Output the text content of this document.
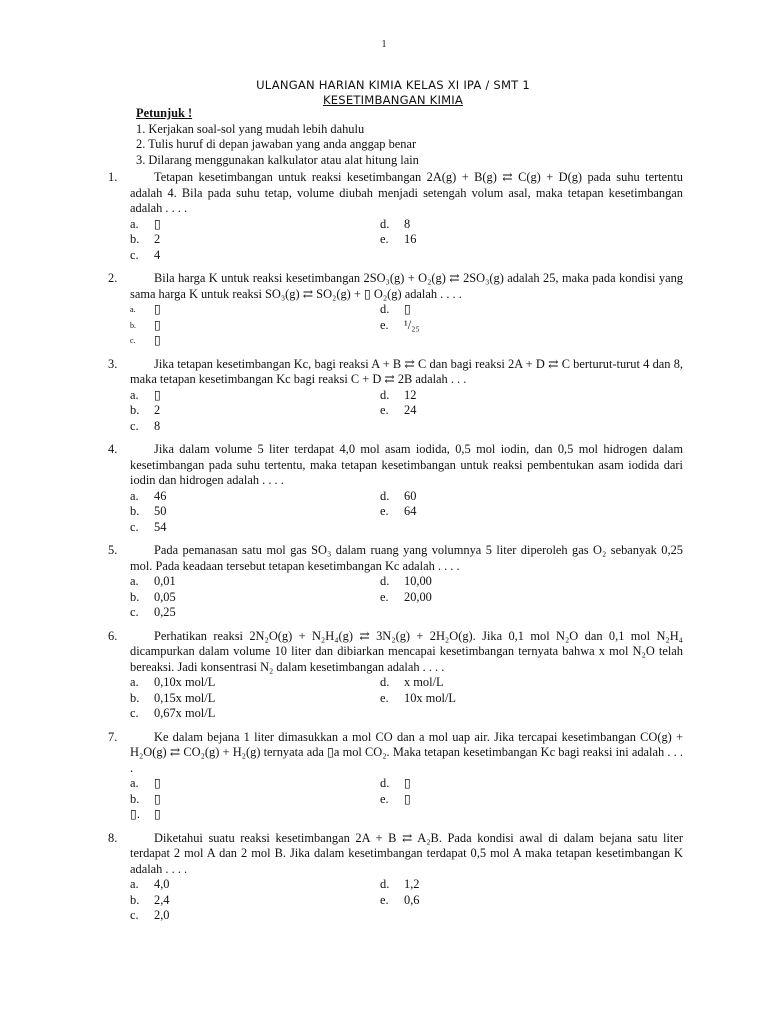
1
ULANGAN HARIAN KIMIA KELAS XI IPA / SMT 1
KESETIMBANGAN KIMIA
Petunjuk !
1. Kerjakan soal-sol yang mudah lebih dahulu
2. Tulis huruf di depan jawaban yang anda anggap benar
3. Dilarang menggunakan kalkulator atau alat hitung lain
1.	Tetapan kesetimbangan untuk reaksi kesetimbangan 2A(g) + B(g) ⇄ C(g) + D(g) pada suhu tertentu adalah 4. Bila pada suhu tetap, volume diubah menjadi setengah volum asal, maka tetapan kesetimbangan adalah . . . .
a.	▯	d.	8
b.	2	e.	16
c.	4
2.	Bila harga K untuk reaksi kesetimbangan 2SO₃(g) + O₂(g) ⇄ 2SO₃(g) adalah 25, maka pada kondisi yang sama harga K untuk reaksi SO₃(g) ⇄ SO₂(g) + ▯ O₂(g) adalah . . . .
a.	▯	d.	▯
b.	▯	e.	¹/₂₅
c.	▯
3.	Jika tetapan kesetimbangan Kc, bagi reaksi A + B ⇄ C dan bagi reaksi 2A + D ⇄ C berturut-turut 4 dan 8, maka tetapan kesetimbangan Kc bagi reaksi C + D ⇄ 2B adalah . . .
a.	▯	d.	12
b.	2	e.	24
c.	8
4.	Jika dalam volume 5 liter terdapat 4,0 mol asam iodida, 0,5 mol iodin, dan 0,5 mol hidrogen dalam kesetimbangan pada suhu tertentu, maka tetapan kesetimbangan untuk reaksi pembentukan asam iodida dari iodin dan hidrogen adalah . . . .
a.	46	d.	60
b.	50	e.	64
c.	54
5.	Pada pemanasan satu mol gas SO₃ dalam ruang yang volumnya 5 liter diperoleh gas O₂ sebanyak 0,25 mol. Pada keadaan tersebut tetapan kesetimbangan Kc adalah . . . .
a.	0,01	d.	10,00
b.	0,05	e.	20,00
c.	0,25
6.	Perhatikan reaksi 2N₂O(g) + N₂H₄(g) ⇄ 3N₂(g) + 2H₂O(g). Jika 0,1 mol N₂O dan 0,1 mol N₂H₄ dicampurkan dalam volume 10 liter dan dibiarkan mencapai kesetimbangan ternyata bahwa x mol N₂O telah bereaksi. Jadi konsentrasi N₂ dalam kesetimbangan adalah . . . .
a.	0,10x mol/L	d.	x mol/L
b.	0,15x mol/L	e.	10x mol/L
c.	0,67x mol/L
7.	Ke dalam bejana 1 liter dimasukkan a mol CO dan a mol uap air. Jika tercapai kesetimbangan CO(g) + H₂O(g) ⇄ CO₂(g) + H₂(g) ternyata ada ▯a mol CO₂. Maka tetapan kesetimbangan Kc bagi reaksi ini adalah . . . .
a.	▯	d.	▯
b.	▯	e.	▯
▯.	▯
8.	Diketahui suatu reaksi kesetimbangan 2A + B ⇄ A₂B. Pada kondisi awal di dalam bejana satu liter terdapat 2 mol A dan 2 mol B. Jika dalam kesetimbangan terdapat 0,5 mol A maka tetapan kesetimbangan K adalah . . . .
a.	4,0	d.	1,2
b.	2,4	e.	0,6
c.	2,0
